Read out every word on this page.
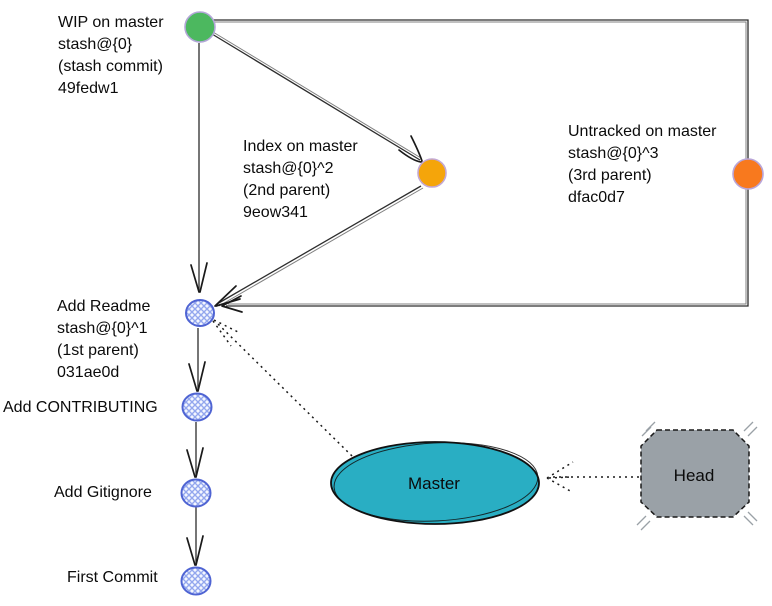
Master	Head
WIP on master
stash@{0}
(stash commit)
49fedw1
Index on master
stash@{0}^2
(2nd parent)
9eow341
Untracked on master
stash@{0}^3
(3rd parent)
dfac0d7
Add Readme
stash@{0}^1
(1st parent)
031ae0d
Add CONTRIBUTING
Add Gitignore
First Commit
